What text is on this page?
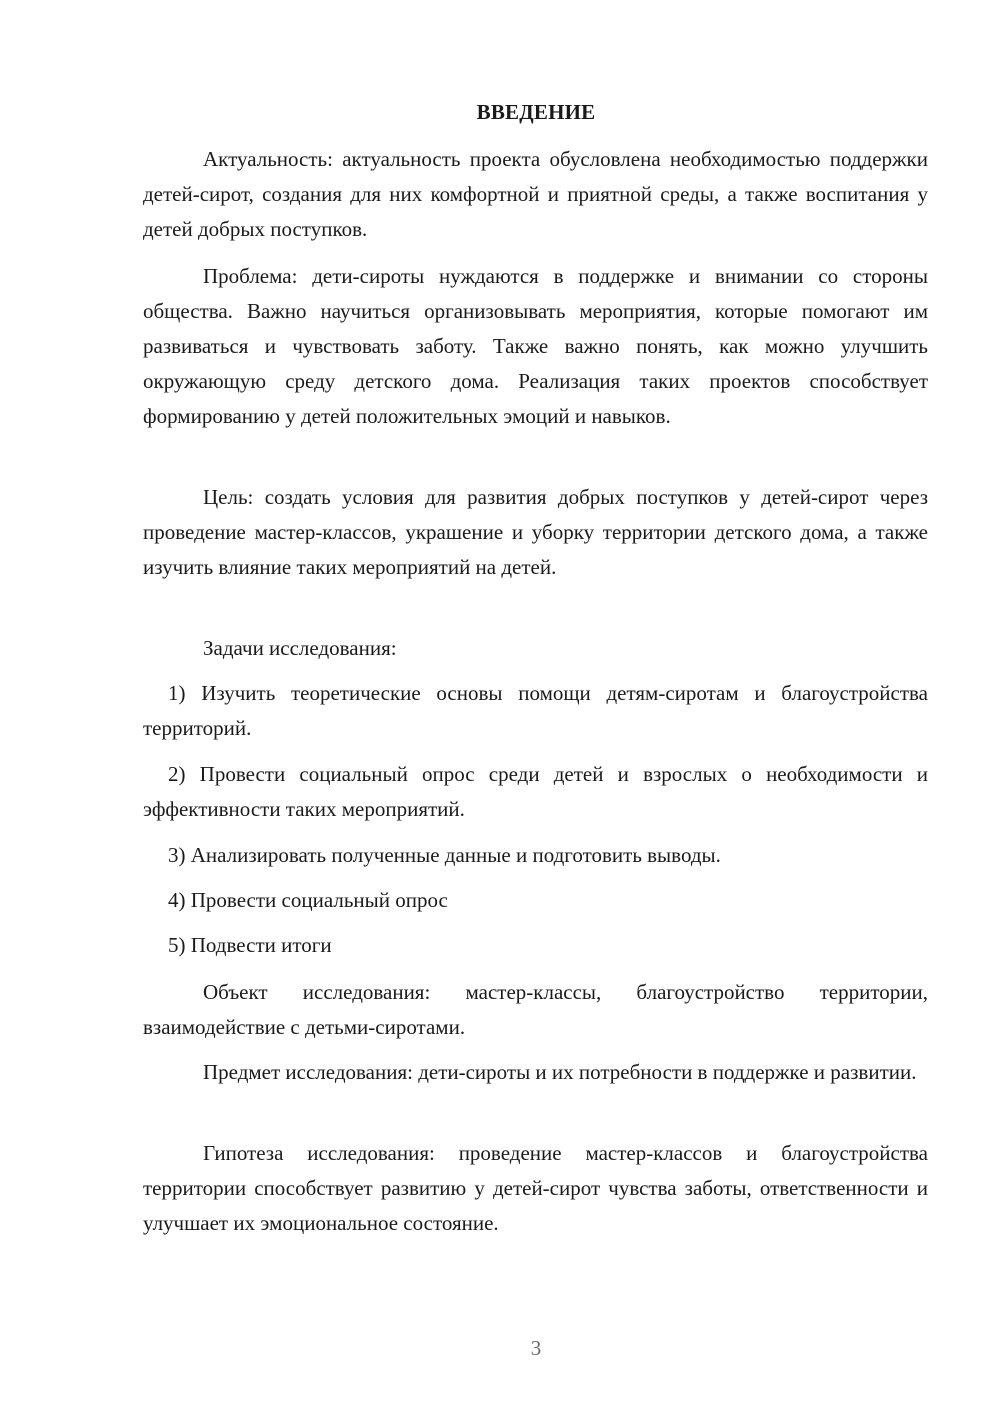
ВВЕДЕНИЕ

Актуальность: актуальность проекта обусловлена необходимостью поддержки детей-сирот, создания для них комфортной и приятной среды, а также воспитания у детей добрых поступков.

Проблема: дети-сироты нуждаются в поддержке и внимании со стороны общества. Важно научиться организовывать мероприятия, которые помогают им развиваться и чувствовать заботу. Также важно понять, как можно улучшить окружающую среду детского дома. Реализация таких проектов способствует формированию у детей положительных эмоций и навыков.

Цель: создать условия для развития добрых поступков у детей-сирот через проведение мастер-классов, украшение и уборку территории детского дома, а также изучить влияние таких мероприятий на детей.

Задачи исследования:

1) Изучить теоретические основы помощи детям-сиротам и благоустройства территорий.

2) Провести социальный опрос среди детей и взрослых о необходимости и эффективности таких мероприятий.

3) Анализировать полученные данные и подготовить выводы.

4) Провести социальный опрос

5) Подвести итоги

Объект исследования: мастер-классы, благоустройство территории, взаимодействие с детьми-сиротами.

Предмет исследования: дети-сироты и их потребности в поддержке и развитии.

Гипотеза исследования: проведение мастер-классов и благоустройства территории способствует развитию у детей-сирот чувства заботы, ответственности и улучшает их эмоциональное состояние.

3
